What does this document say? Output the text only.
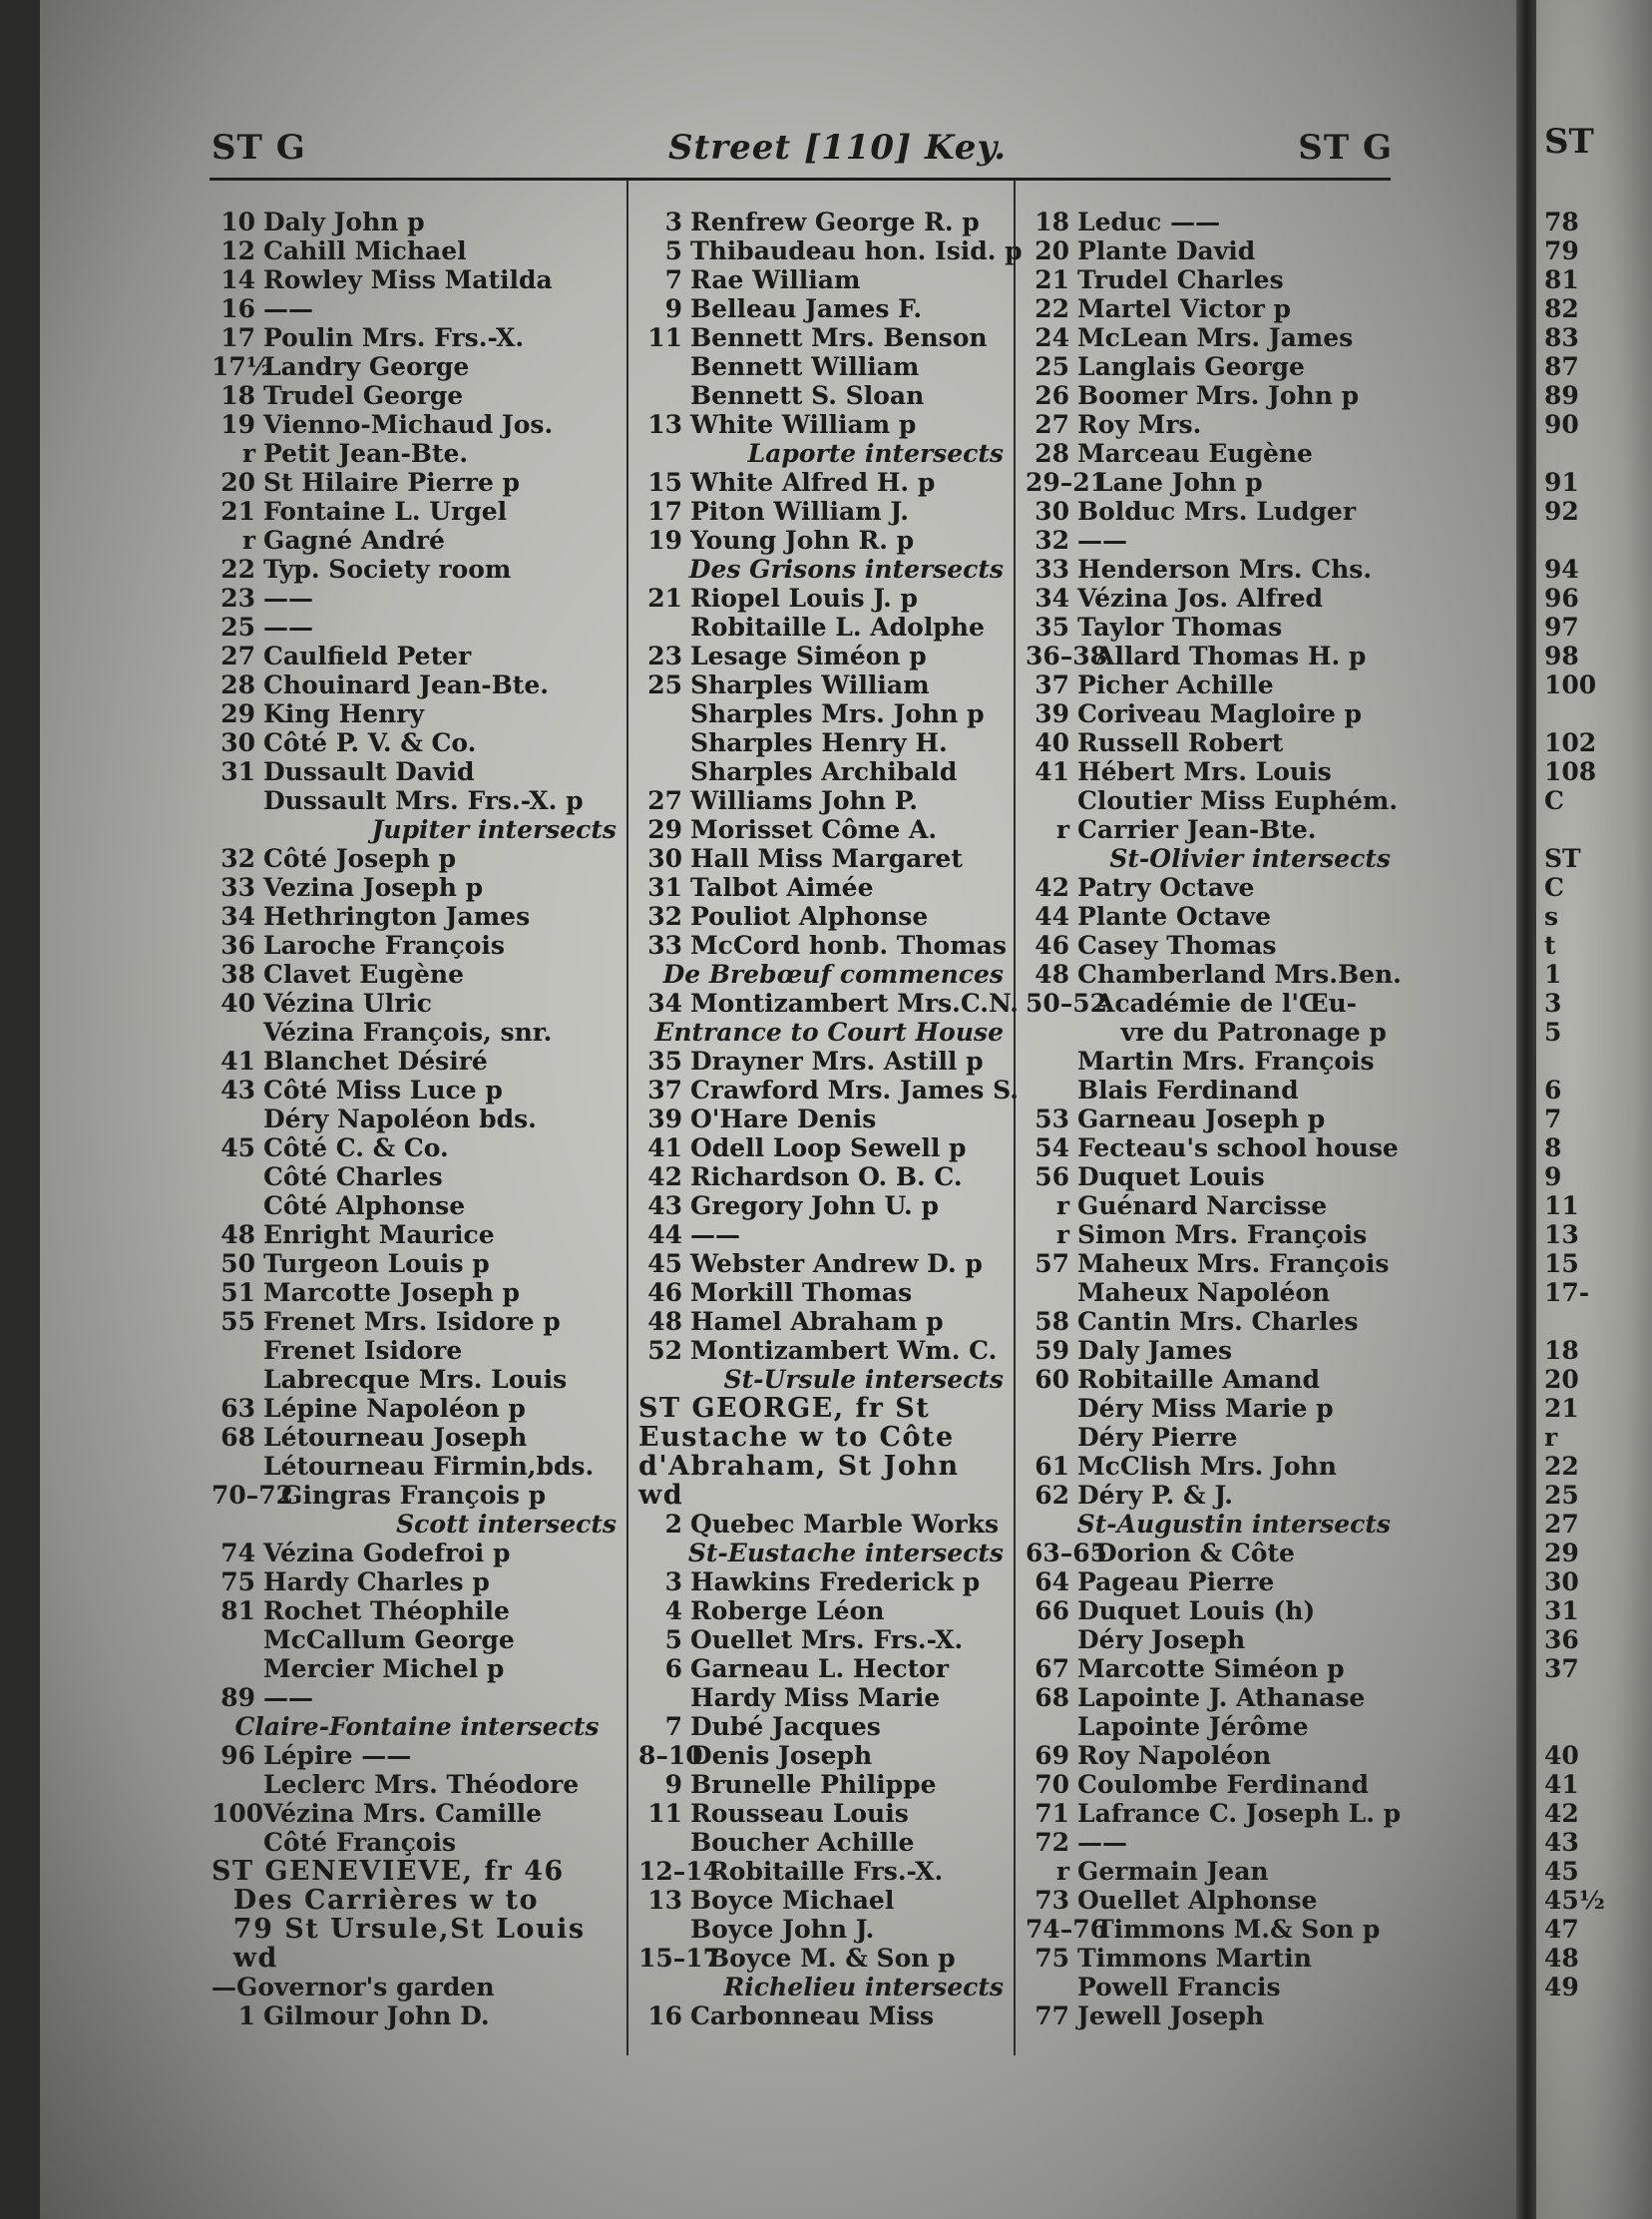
ST G	Street [110] Key.	ST G
10 Daly John p
12 Cahill Michael
14 Rowley Miss Matilda
16 ——
17 Poulin Mrs. Frs.-X.
17½Landry George
18 Trudel George
19 Vienno-Michaud Jos.
r Petit Jean-Bte.
20 St Hilaire Pierre p
21 Fontaine L. Urgel
r Gagné André
22 Typ. Society room
23 ——
25 ——
27 Caulfield Peter
28 Chouinard Jean-Bte.
29 King Henry
30 Côté P. V. & Co.
31 Dussault David
Dussault Mrs. Frs.-X. p
Jupiter intersects
32 Côté Joseph p
33 Vezina Joseph p
34 Hethrington James
36 Laroche François
38 Clavet Eugène
40 Vézina Ulric
Vézina François, snr.
41 Blanchet Désiré
43 Côté Miss Luce p
Déry Napoléon bds.
45 Côté C. & Co.
Côté Charles
Côté Alphonse
48 Enright Maurice
50 Turgeon Louis p
51 Marcotte Joseph p
55 Frenet Mrs. Isidore p
Frenet Isidore
Labrecque Mrs. Louis
63 Lépine Napoléon p
68 Létourneau Joseph
Létourneau Firmin,bds.
70–72Gingras François p
Scott intersects
74 Vézina Godefroi p
75 Hardy Charles p
81 Rochet Théophile
McCallum George
Mercier Michel p
89 ——
Claire-Fontaine intersects
96 Lépire ——
Leclerc Mrs. Théodore
100Vézina Mrs. Camille
Côté François
ST GENEVIEVE, fr 46
Des Carrières w to
79 St Ursule,St Louis
wd
—Governor's garden
1 Gilmour John D.
3 Renfrew George R. p
5 Thibaudeau hon. Isid. p
7 Rae William
9 Belleau James F.
11 Bennett Mrs. Benson
Bennett William
Bennett S. Sloan
13 White William p
Laporte intersects
15 White Alfred H. p
17 Piton William J.
19 Young John R. p
Des Grisons intersects
21 Riopel Louis J. p
Robitaille L. Adolphe
23 Lesage Siméon p
25 Sharples William
Sharples Mrs. John p
Sharples Henry H.
Sharples Archibald
27 Williams John P.
29 Morisset Côme A.
30 Hall Miss Margaret
31 Talbot Aimée
32 Pouliot Alphonse
33 McCord honb. Thomas
De Brebœuf commences
34 Montizambert Mrs.C.N.
Entrance to Court House
35 Drayner Mrs. Astill p
37 Crawford Mrs. James S.
39 O'Hare Denis
41 Odell Loop Sewell p
42 Richardson O. B. C.
43 Gregory John U. p
44 ——
45 Webster Andrew D. p
46 Morkill Thomas
48 Hamel Abraham p
52 Montizambert Wm. C.
St-Ursule intersects
ST GEORGE, fr St
Eustache w to Côte
d'Abraham, St John
wd
2 Quebec Marble Works
St-Eustache intersects
3 Hawkins Frederick p
4 Roberge Léon
5 Ouellet Mrs. Frs.-X.
6 Garneau L. Hector
Hardy Miss Marie
7 Dubé Jacques
8–10Denis Joseph
9 Brunelle Philippe
11 Rousseau Louis
Boucher Achille
12–14Robitaille Frs.-X.
13 Boyce Michael
Boyce John J.
15–17Boyce M. & Son p
Richelieu intersects
16 Carbonneau Miss
18 Leduc ——
20 Plante David
21 Trudel Charles
22 Martel Victor p
24 McLean Mrs. James
25 Langlais George
26 Boomer Mrs. John p
27 Roy Mrs.
28 Marceau Eugène
29–21Lane John p
30 Bolduc Mrs. Ludger
32 ——
33 Henderson Mrs. Chs.
34 Vézina Jos. Alfred
35 Taylor Thomas
36–38Allard Thomas H. p
37 Picher Achille
39 Coriveau Magloire p
40 Russell Robert
41 Hébert Mrs. Louis
Cloutier Miss Euphém.
r Carrier Jean-Bte.
St-Olivier intersects
42 Patry Octave
44 Plante Octave
46 Casey Thomas
48 Chamberland Mrs.Ben.
50–52Académie de l'Œu-
vre du Patronage p
Martin Mrs. François
Blais Ferdinand
53 Garneau Joseph p
54 Fecteau's school house
56 Duquet Louis
r Guénard Narcisse
r Simon Mrs. François
57 Maheux Mrs. François
Maheux Napoléon
58 Cantin Mrs. Charles
59 Daly James
60 Robitaille Amand
Déry Miss Marie p
Déry Pierre
61 McClish Mrs. John
62 Déry P. & J.
St-Augustin intersects
63–65Dorion & Côte
64 Pageau Pierre
66 Duquet Louis (h)
Déry Joseph
67 Marcotte Siméon p
68 Lapointe J. Athanase
Lapointe Jérôme
69 Roy Napoléon
70 Coulombe Ferdinand
71 Lafrance C. Joseph L. p
72 ——
r Germain Jean
73 Ouellet Alphonse
74–76Timmons M.& Son p
75 Timmons Martin
Powell Francis
77 Jewell Joseph
ST
78
79
81
82
83
87
89
90
91
92
94
96
97
98
100
102
108
C
ST
C
s
t
1
3
5
6
7
8
9
11
13
15
17-
18
20
21
r
22
25
27
29
30
31
36
37
40
41
42
43
45
45½
47
48
49
